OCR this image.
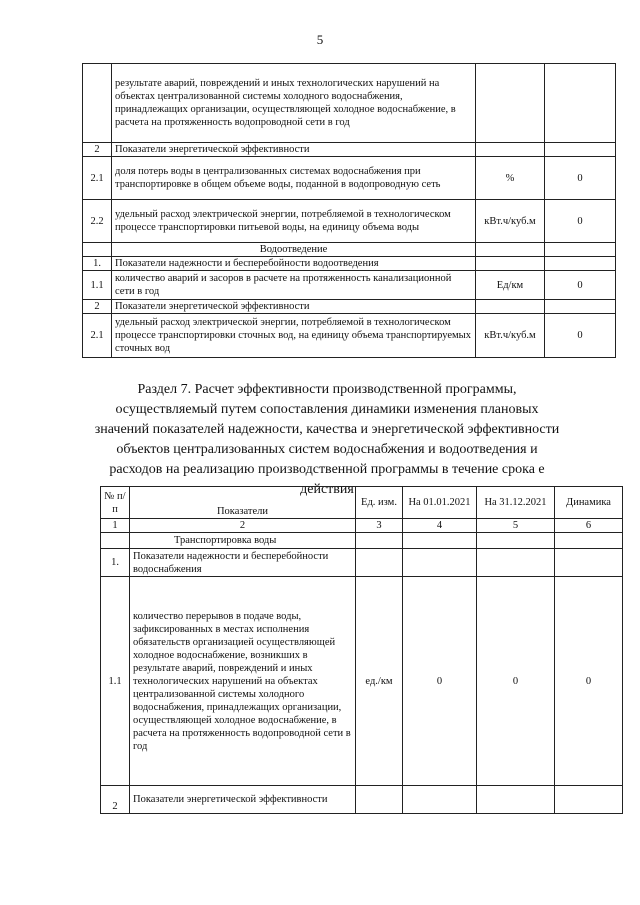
5
	результате аварий, повреждений и иных технологических нарушений на объектах централизованной системы холодного водоснабжения, принадлежащих организации, осуществляющей холодное водоснабжение, в расчета на протяженность водопроводной сети в год		
2	Показатели энергетической эффективности		
2.1	доля потерь воды в централизованных системах водоснабжения при транспортировке в общем объеме воды, поданной в водопроводную сеть	%	0
2.2	удельный расход электрической энергии, потребляемой в технологическом процессе транспортировки питьевой воды, на единицу объема воды	кВт.ч/куб.м	0
	Водоотведение		
1.	Показатели надежности и бесперебойности водоотведения		
1.1	количество аварий и засоров в расчете на протяженность канализационной сети в год	Ед/км	0
2	Показатели энергетической эффективности		
2.1	удельный расход электрической энергии, потребляемой в технологическом процессе транспортировки сточных вод, на единицу объема транспортируемых сточных вод	кВт.ч/куб.м	0
Раздел 7. Расчет эффективности производственной программы,
осуществляемый путем сопоставления динамики изменения плановых
значений показателей надежности, качества и энергетической эффективности
объектов централизованных систем водоснабжения и водоотведения и
расходов на реализацию производственной программы в течение срока е
действия
№ п/п	Показатели	Ед. изм.	На 01.01.2021	На 31.12.2021	Динамика
1	2	3	4	5	6
	Транспортировка воды				
1.	Показатели надежности и бесперебойности водоснабжения				
1.1	количество перерывов в подаче воды, зафиксированных в местах исполнения обязательств организацией осуществляющей холодное водоснабжение, возникших в результате аварий, повреждений и иных технологических нарушений на объектах централизованной системы холодного водоснабжения, принадлежащих организации, осуществляющей холодное водоснабжение, в расчета на протяженность водопроводной сети в год	ед./км	0	0	0
2	Показатели энергетической эффективности				
